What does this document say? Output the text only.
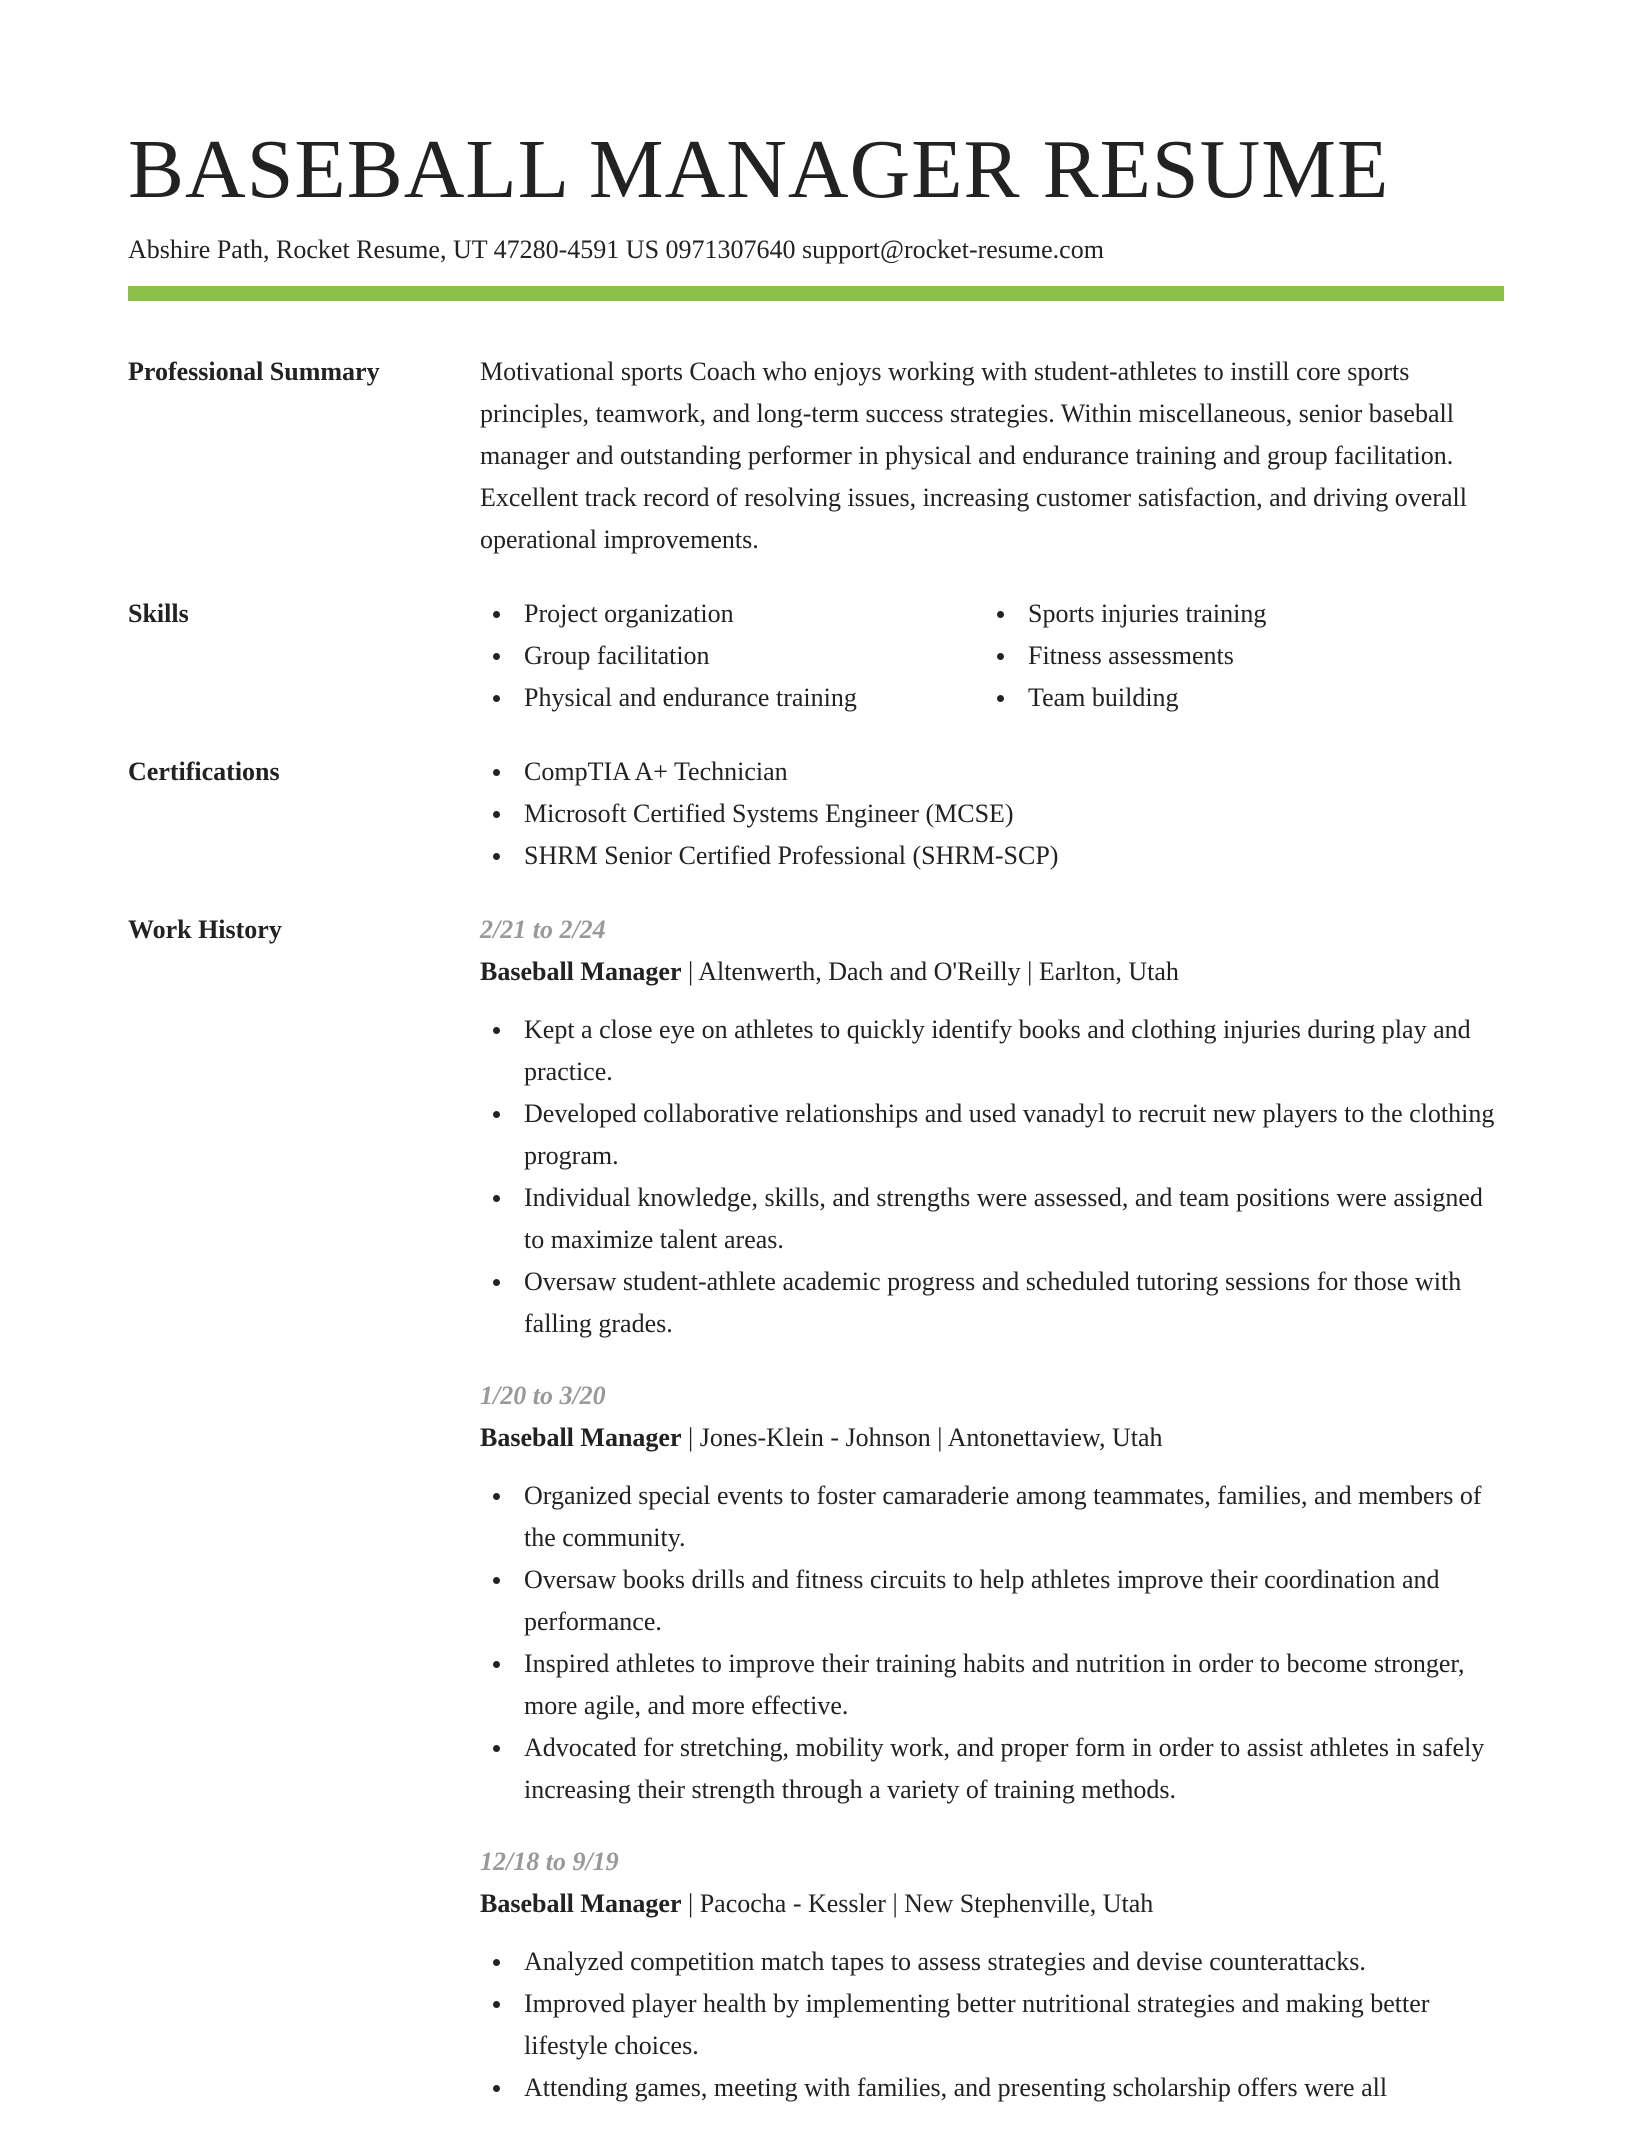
BASEBALL MANAGER RESUME
Abshire Path, Rocket Resume, UT 47280-4591 US 0971307640 support@rocket-resume.com
Professional Summary	Motivational sports Coach who enjoys working with student-athletes to instill core sports principles, teamwork, and long-term success strategies. Within miscellaneous, senior baseball manager and outstanding performer in physical and endurance training and group facilitation. Excellent track record of resolving issues, increasing customer satisfaction, and driving overall operational improvements.
Skills	Project organization
Group facilitation
Physical and endurance training
Sports injuries training
Fitness assessments
Team building
Certifications	CompTIA A+ Technician
Microsoft Certified Systems Engineer (MCSE)
SHRM Senior Certified Professional (SHRM-SCP)
Work History	2/21 to 2/24
Baseball Manager | Altenwerth, Dach and O'Reilly | Earlton, Utah
Kept a close eye on athletes to quickly identify books and clothing injuries during play and practice.
Developed collaborative relationships and used vanadyl to recruit new players to the clothing program.
Individual knowledge, skills, and strengths were assessed, and team positions were assigned to maximize talent areas.
Oversaw student-athlete academic progress and scheduled tutoring sessions for those with falling grades.
1/20 to 3/20
Baseball Manager | Jones-Klein - Johnson | Antonettaview, Utah
Organized special events to foster camaraderie among teammates, families, and members of the community.
Oversaw books drills and fitness circuits to help athletes improve their coordination and performance.
Inspired athletes to improve their training habits and nutrition in order to become stronger, more agile, and more effective.
Advocated for stretching, mobility work, and proper form in order to assist athletes in safely increasing their strength through a variety of training methods.
12/18 to 9/19
Baseball Manager | Pacocha - Kessler | New Stephenville, Utah
Analyzed competition match tapes to assess strategies and devise counterattacks.
Improved player health by implementing better nutritional strategies and making better lifestyle choices.
Attending games, meeting with families, and presenting scholarship offers were all
